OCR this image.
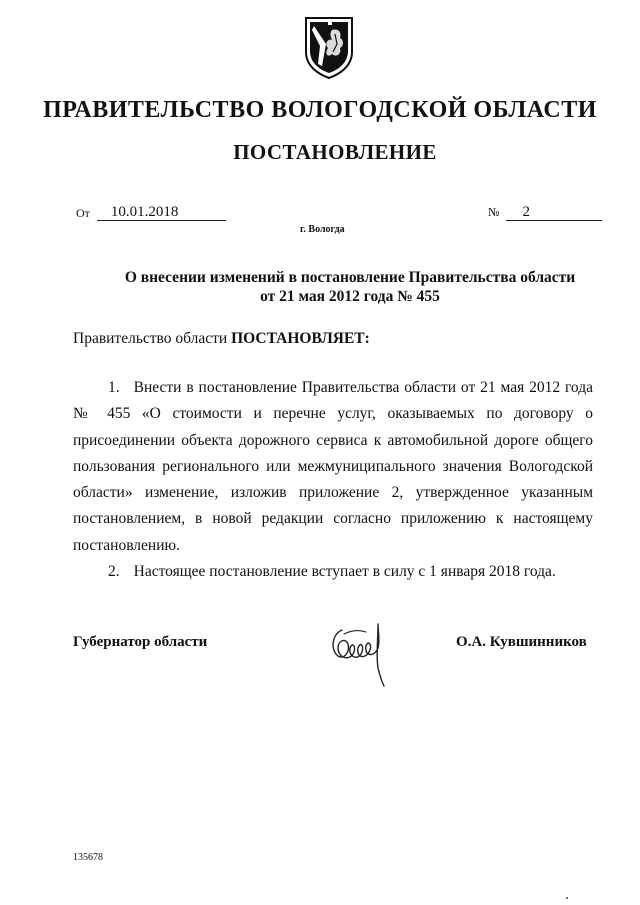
ПРАВИТЕЛЬСТВО ВОЛОГОДСКОЙ ОБЛАСТИ
ПОСТАНОВЛЕНИЕ
От 10.01.2018	№ 2
г. Вологда
О внесении изменений в постановление Правительства области
от 21 мая 2012 года № 455
Правительство области ПОСТАНОВЛЯЕТ:

1. Внести в постановление Правительства области от 21 мая 2012 года № 455 «О стоимости и перечне услуг, оказываемых по договору о присоединении объекта дорожного сервиса к автомобильной дороге общего пользования регионального или межмуниципального значения Вологодской области» изменение, изложив приложение 2, утвержденное указанным постановлением, в новой редакции согласно приложению к настоящему постановлению.

2. Настоящее постановление вступает в силу с 1 января 2018 года.

Губернатор области	О.А. Кувшинников
135678
